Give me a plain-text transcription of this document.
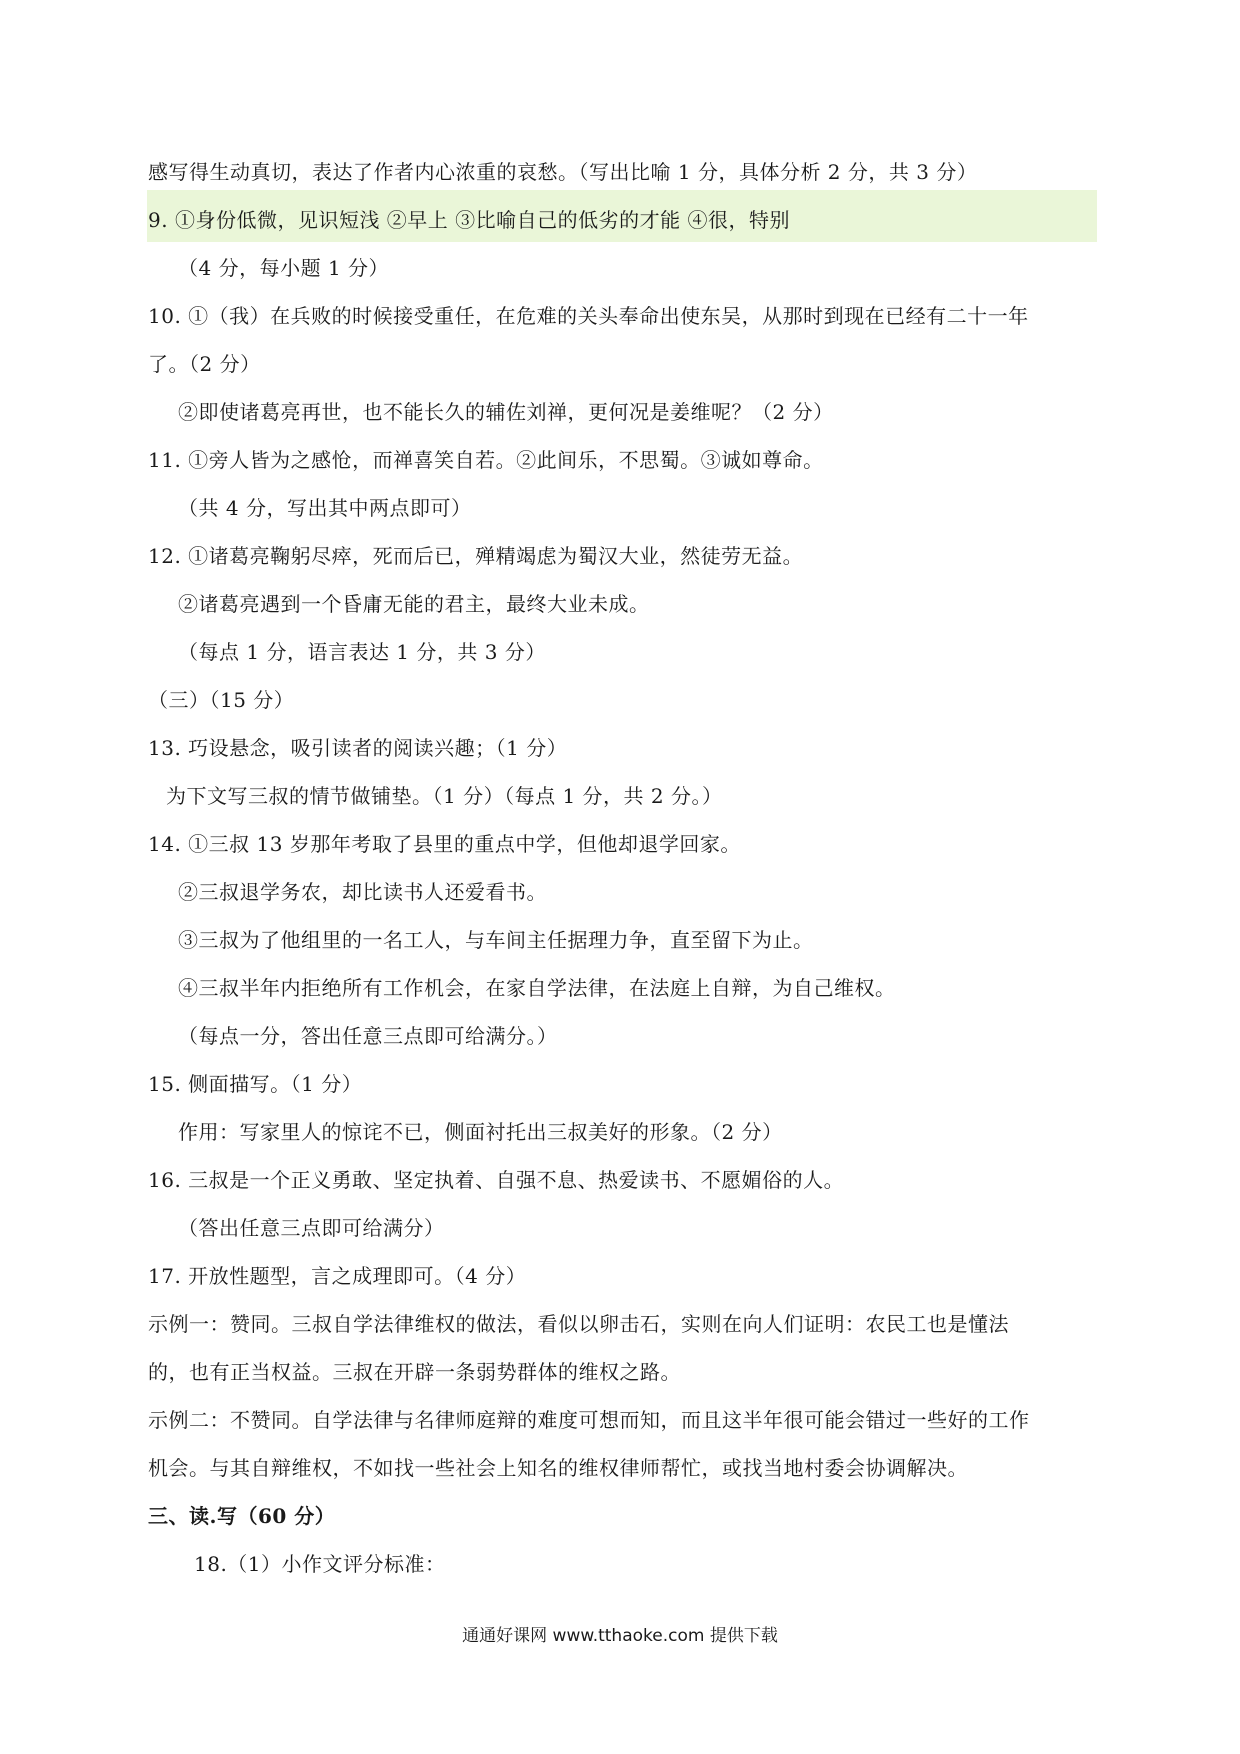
感写得生动真切，表达了作者内心浓重的哀愁。（写出比喻 1 分，具体分析 2 分，共 3 分）
9. ①身份低微，见识短浅 ②早上 ③比喻自己的低劣的才能 ④很，特别
（4 分，每小题 1 分）
10. ①（我）在兵败的时候接受重任，在危难的关头奉命出使东吴，从那时到现在已经有二十一年
了。（2 分）
②即使诸葛亮再世，也不能长久的辅佐刘禅，更何况是姜维呢？（2 分）
11. ①旁人皆为之感怆，而禅喜笑自若。②此间乐，不思蜀。③诚如尊命。
（共 4 分，写出其中两点即可）
12. ①诸葛亮鞠躬尽瘁，死而后已，殚精竭虑为蜀汉大业，然徒劳无益。
②诸葛亮遇到一个昏庸无能的君主，最终大业未成。
（每点 1 分，语言表达 1 分，共 3 分）
（三）（15 分）
13. 巧设悬念，吸引读者的阅读兴趣；（1 分）
为下文写三叔的情节做铺垫。（1 分）（每点 1 分，共 2 分。）
14. ①三叔 13 岁那年考取了县里的重点中学，但他却退学回家。
②三叔退学务农，却比读书人还爱看书。
③三叔为了他组里的一名工人，与车间主任据理力争，直至留下为止。
④三叔半年内拒绝所有工作机会，在家自学法律，在法庭上自辩，为自己维权。
（每点一分，答出任意三点即可给满分。）
15. 侧面描写。（1 分）
作用：写家里人的惊诧不已，侧面衬托出三叔美好的形象。（2 分）
16. 三叔是一个正义勇敢、坚定执着、自强不息、热爱读书、不愿媚俗的人。
（答出任意三点即可给满分）
17. 开放性题型，言之成理即可。（4 分）
示例一：赞同。三叔自学法律维权的做法，看似以卵击石，实则在向人们证明：农民工也是懂法
的，也有正当权益。三叔在开辟一条弱势群体的维权之路。
示例二：不赞同。自学法律与名律师庭辩的难度可想而知，而且这半年很可能会错过一些好的工作
机会。与其自辩维权，不如找一些社会上知名的维权律师帮忙，或找当地村委会协调解决。
三、读.写（60 分）
18.（1）小作文评分标准：
通通好课网 www.tthaoke.com 提供下载
